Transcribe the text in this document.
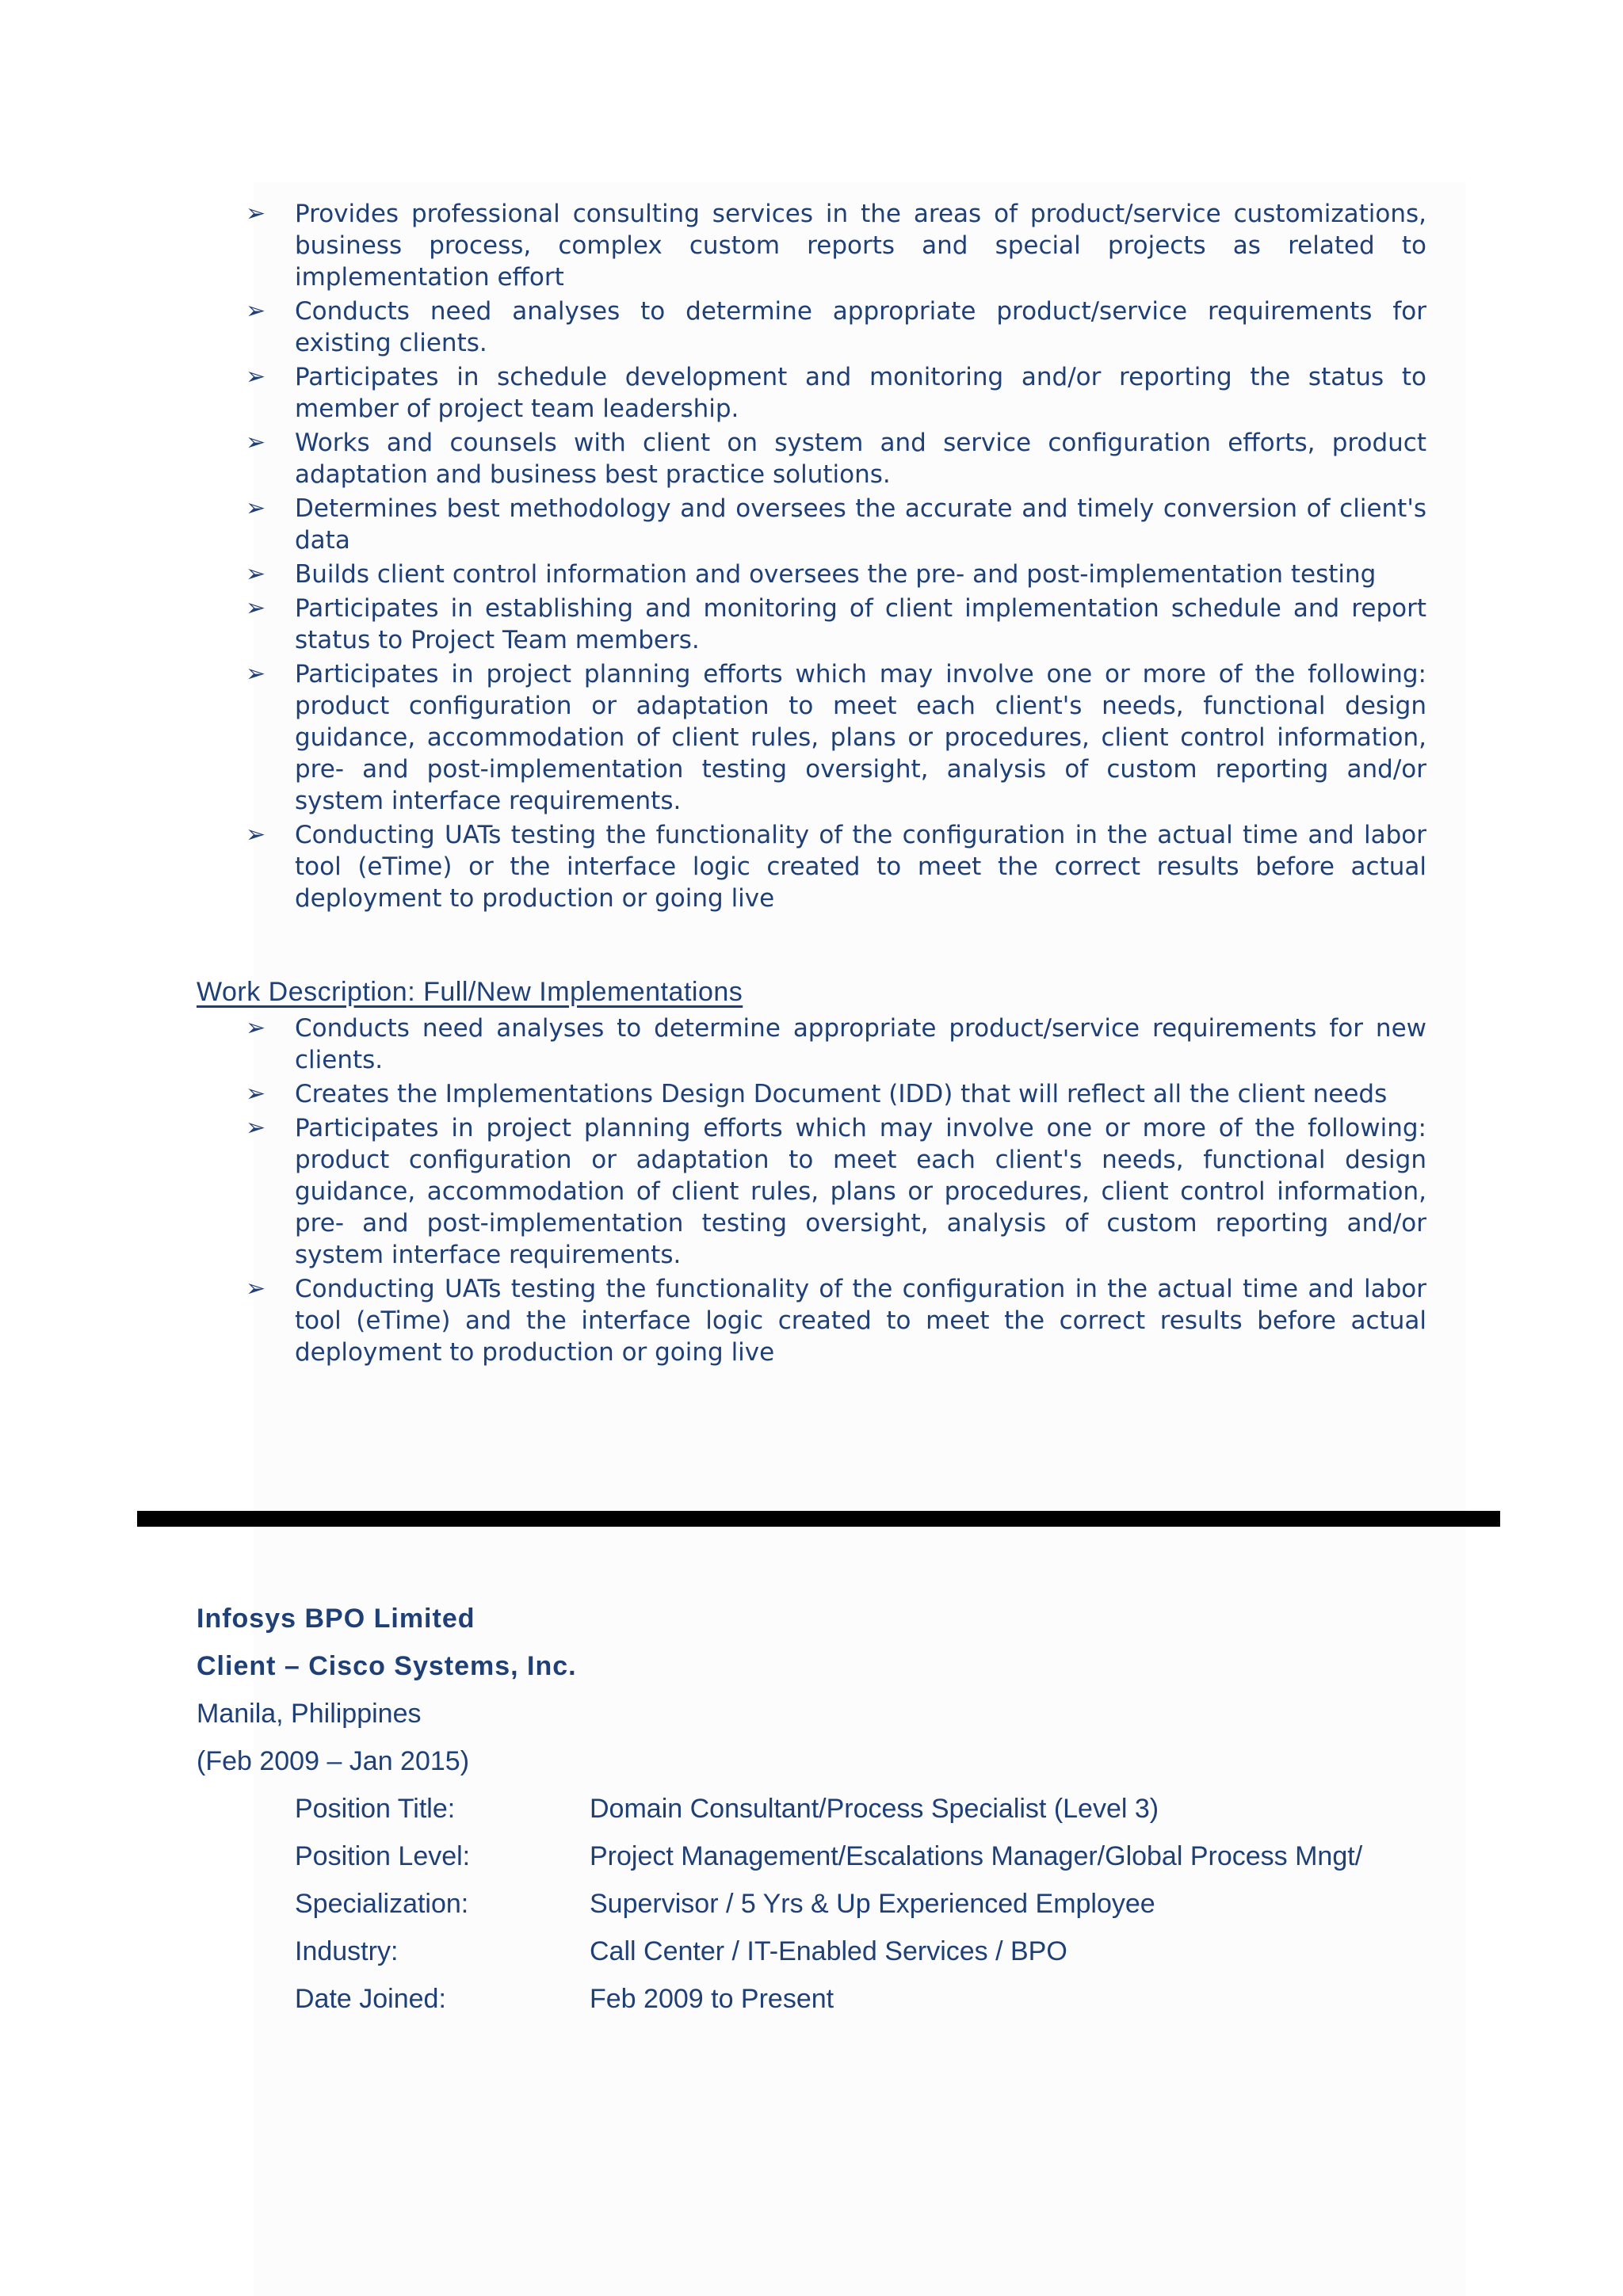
➢	Provides professional consulting services in the areas of product/service customizations, business process, complex custom reports and special projects as related to implementation effort
➢	Conducts need analyses to determine appropriate product/service requirements for existing clients.
➢	Participates in schedule development and monitoring and/or reporting the status to member of project team leadership.
➢	Works and counsels with client on system and service configuration efforts, product adaptation and business best practice solutions.
➢	Determines best methodology and oversees the accurate and timely conversion of client's data
➢	Builds client control information and oversees the pre- and post-implementation testing
➢	Participates in establishing and monitoring of client implementation schedule and report status to Project Team members.
➢	Participates in project planning efforts which may involve one or more of the following: product configuration or adaptation to meet each client's needs, functional design guidance, accommodation of client rules, plans or procedures, client control information, pre- and post-implementation testing oversight, analysis of custom reporting and/or system interface requirements.
➢	Conducting UATs testing the functionality of the configuration in the actual time and labor tool (eTime) or the interface logic created to meet the correct results before actual deployment to production or going live
Work Description: Full/New Implementations
➢	Conducts need analyses to determine appropriate product/service requirements for new clients.
➢	Creates the Implementations Design Document (IDD) that will reflect all the client needs
➢	Participates in project planning efforts which may involve one or more of the following: product configuration or adaptation to meet each client's needs, functional design guidance, accommodation of client rules, plans or procedures, client control information, pre- and post-implementation testing oversight, analysis of custom reporting and/or system interface requirements.
➢	Conducting UATs testing the functionality of the configuration in the actual time and labor tool (eTime) and the interface logic created to meet the correct results before actual deployment to production or going live
Infosys BPO Limited
Client – Cisco Systems, Inc.
Manila, Philippines
(Feb 2009 – Jan 2015)
Position Title:	Domain Consultant/Process Specialist (Level 3)
Position Level:	Project Management/Escalations Manager/Global Process Mngt/
Specialization:	Supervisor / 5 Yrs & Up Experienced Employee
Industry:	Call Center / IT-Enabled Services / BPO
Date Joined:	Feb 2009 to Present
